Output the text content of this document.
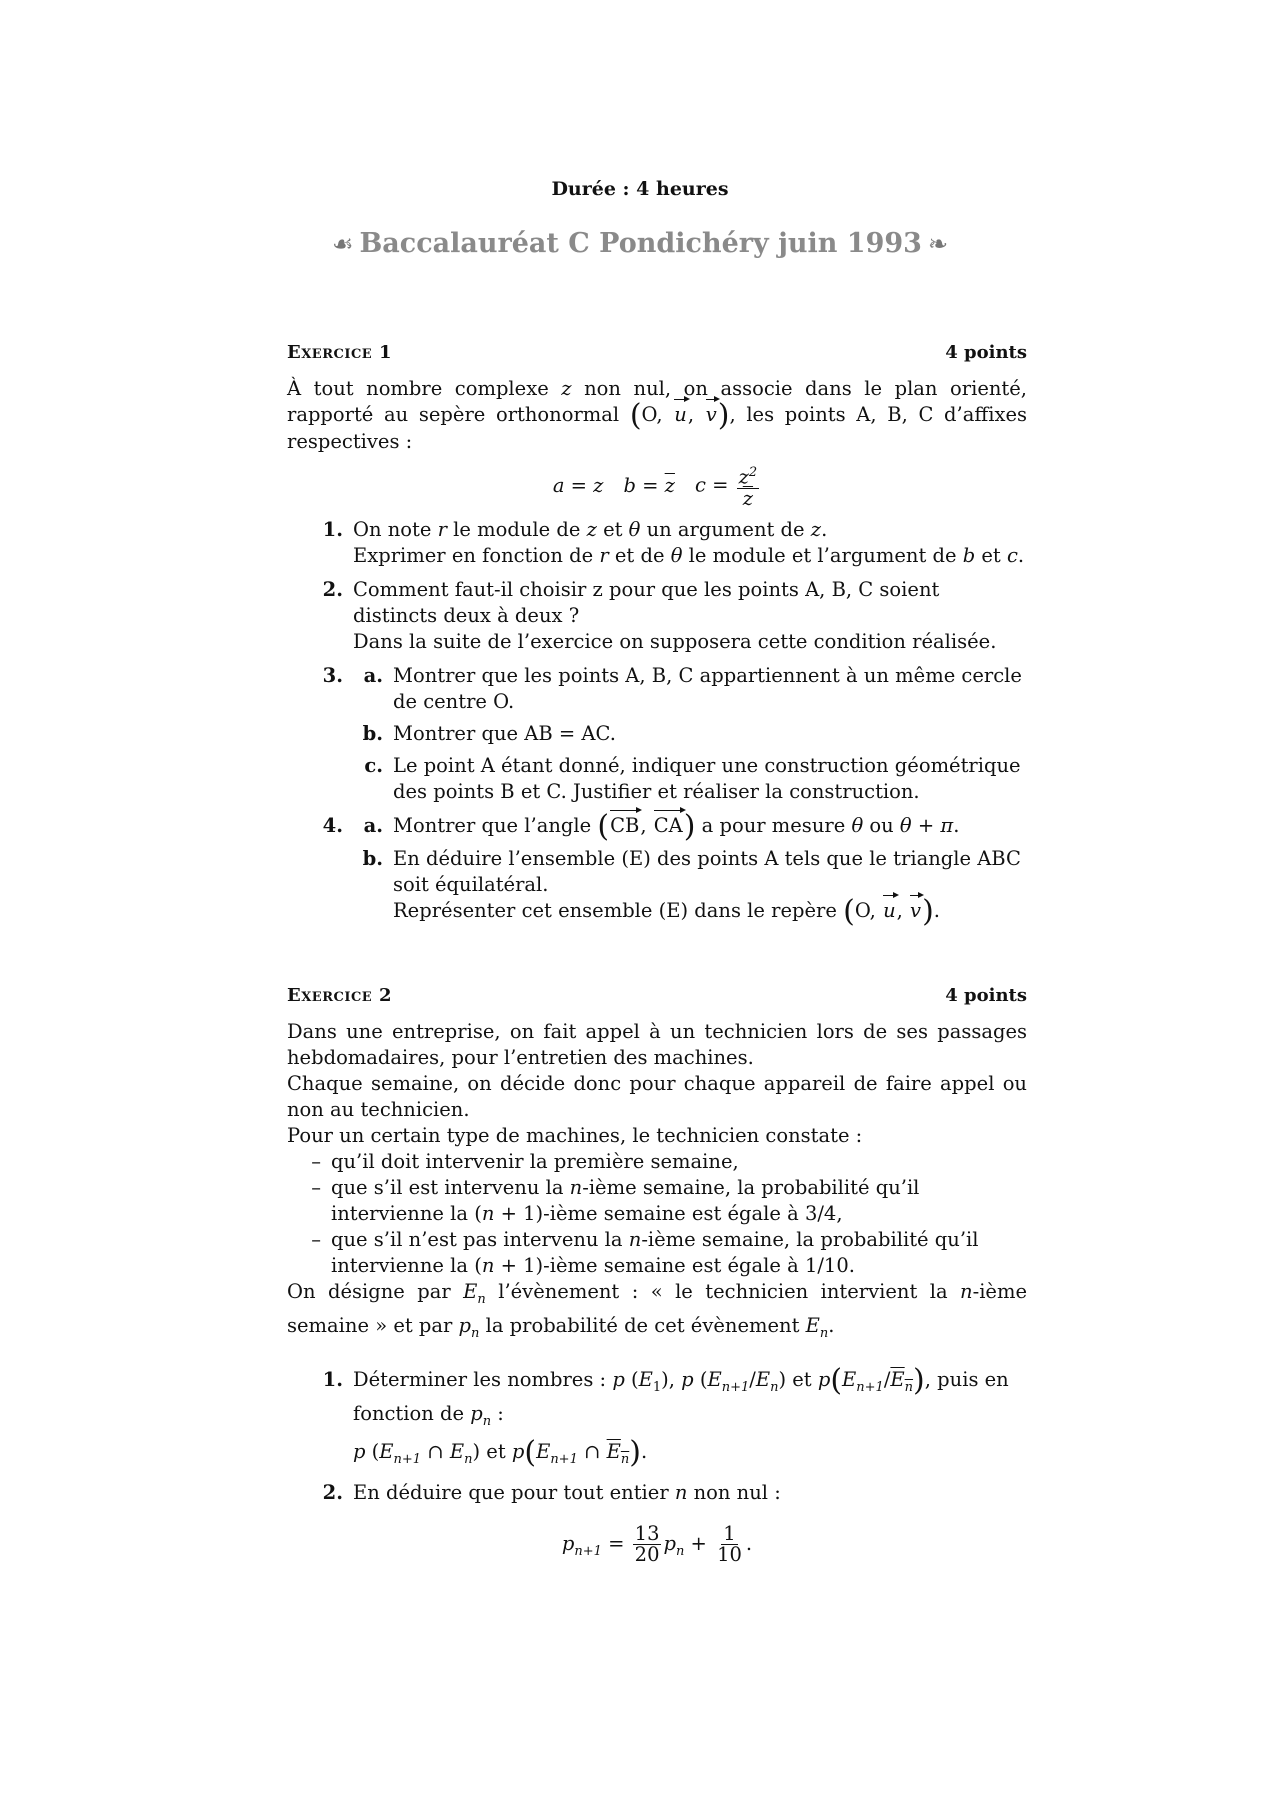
Durée : 4 heures
☙ Baccalauréat C Pondichéry juin 1993 ❧
Exercice 1	4 points

À tout nombre complexe z non nul, on associe dans le plan orienté, rapporté au sepère orthonormal (O, u, v), les points A, B, C d’affixes respectives :

a = z $b = \overline{z}$ $c = \frac{z^2}{z}$
1. On note r le module de z et θ un argument de z.
Exprimer en fonction de r et de θ le module et l’argument de b et c.
2. Comment faut-il choisir z pour que les points A, B, C soient distincts deux à deux ?
Dans la suite de l’exercice on supposera cette condition réalisée.
3.	a. Montrer que les points A, B, C appartiennent à un même cercle de centre O.
b. Montrer que AB = AC.
c. Le point A étant donné, indiquer une construction géométrique des points B et C. Justifier et réaliser la construction.
4.	a. Montrer que l’angle (CB, CA) a pour mesure θ ou θ + π.
b. En déduire l’ensemble (E) des points A tels que le triangle ABC soit équilatéral.
Représenter cet ensemble (E) dans le repère (O, u, v).
Exercice 2	4 points

Dans une entreprise, on fait appel à un technicien lors de ses passages hebdomadaires, pour l’entretien des machines.

Chaque semaine, on décide donc pour chaque appareil de faire appel ou non au technicien.

Pour un certain type de machines, le technicien constate :

– qu’il doit intervenir la première semaine,
– que s’il est intervenu la n-ième semaine, la probabilité qu’il intervienne la (n + 1)-ième semaine est égale à 3/4,
– que s’il n’est pas intervenu la n-ième semaine, la probabilité qu’il intervienne la (n + 1)-ième semaine est égale à 1/10.

On désigne par $E_n$ l’évènement : « le technicien intervient la n-ième semaine » et par $p_n$ la probabilité de cet évènement $E_n$.

1. Déterminer les nombres : p $(E_1)$, p $(E_{n+1}/E_n)$ et $p(E_{n+1}/E_n)$, puis en fonction de $p_n$ :
p ($E_{n+1}$ ∩ $E_n$) et $p(E_{n+1}$ ∩ $E_n$).
2. En déduire que pour tout entier n non nul :
$p_{n+1} = \frac{13}{20} p_n + \frac{1}{10}$ .
